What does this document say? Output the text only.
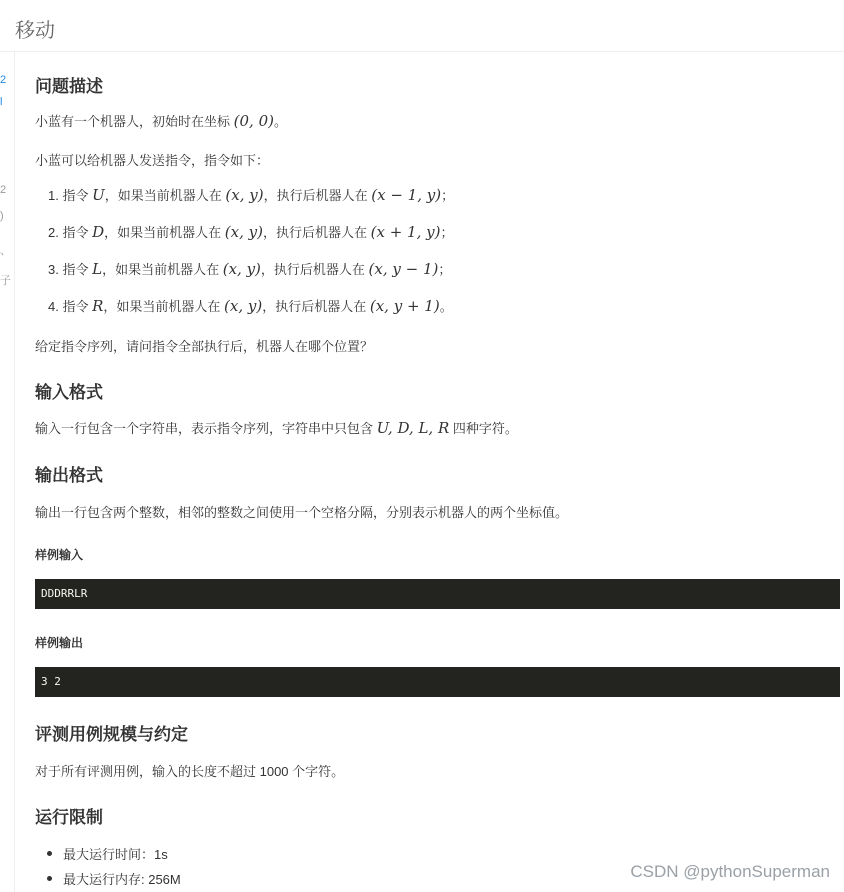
移动
2
l
2
)
、
子
问题描述

小蓝有一个机器人，初始时在坐标 (0, 0)。

小蓝可以给机器人发送指令，指令如下：

1. 指令 U，如果当前机器人在 (x, y)，执行后机器人在 (x − 1, y)；

2. 指令 D，如果当前机器人在 (x, y)，执行后机器人在 (x + 1, y)；

3. 指令 L，如果当前机器人在 (x, y)，执行后机器人在 (x, y − 1)；

4. 指令 R，如果当前机器人在 (x, y)，执行后机器人在 (x, y + 1)。

给定指令序列，请问指令全部执行后，机器人在哪个位置？

输入格式

输入一行包含一个字符串，表示指令序列，字符串中只包含 U, D, L, R 四种字符。

输出格式

输出一行包含两个整数，相邻的整数之间使用一个空格分隔，分别表示机器人的两个坐标值。

样例输入
DDDRRLR
样例输出
3 2
评测用例规模与约定

对于所有评测用例，输入的长度不超过 1000 个字符。

运行限制

最大运行时间：1s

最大运行内存: 256M	CSDN @pythonSuperman
